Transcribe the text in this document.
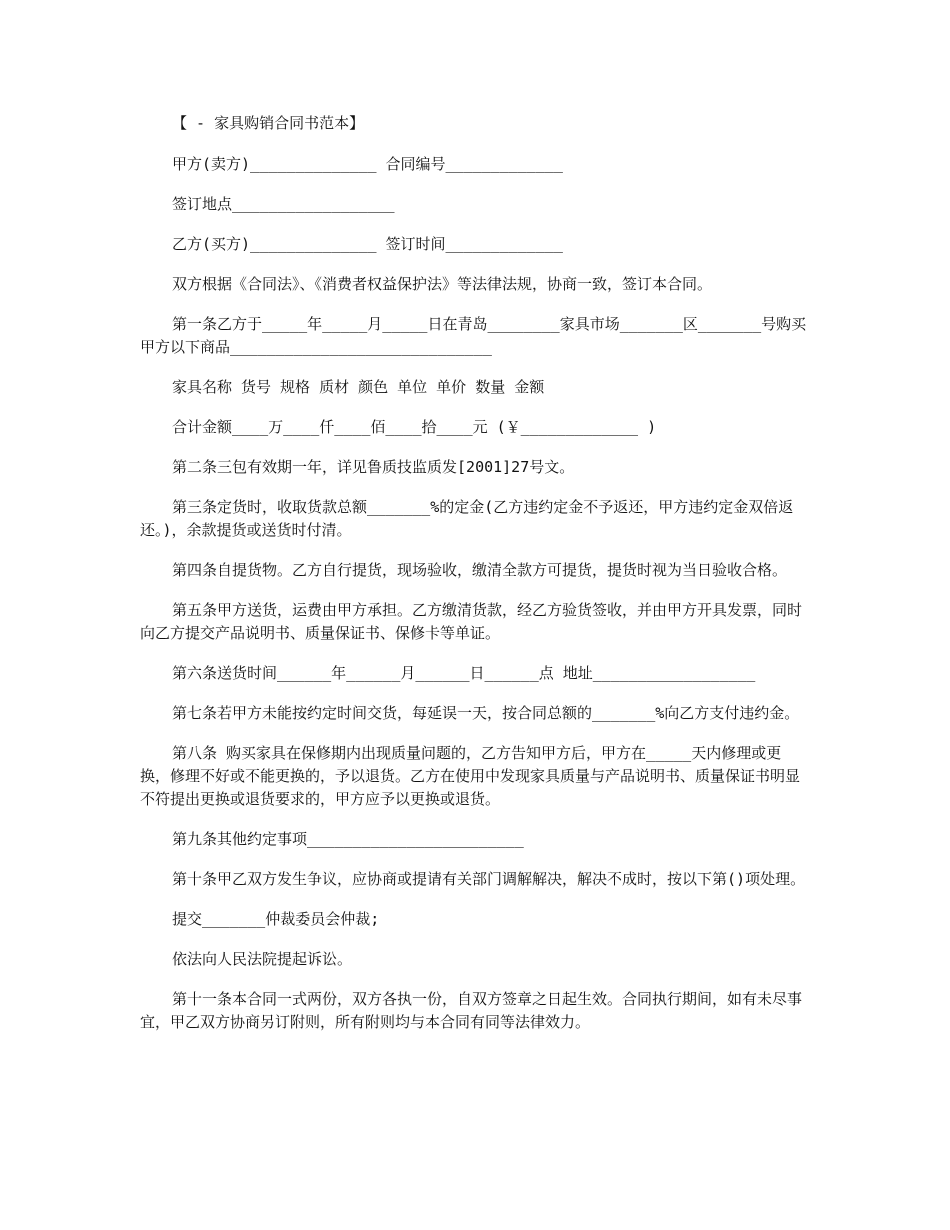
【 - 家具购销合同书范本】

甲方(卖方)______________ 合同编号_____________

签订地点__________________

乙方(买方)______________ 签订时间_____________

双方根据《合同法》、《消费者权益保护法》等法律法规，协商一致，签订本合同。

第一条乙方于_____年_____月_____日在青岛________家具市场_______区_______号购买甲方以下商品_____________________________

家具名称 货号 规格 质材 颜色 单位 单价 数量 金额

合计金额____万____仟____佰____拾____元 (￥_____________ )

第二条三包有效期一年，详见鲁质技监质发[2001]27号文。

第三条定货时，收取货款总额_______%的定金(乙方违约定金不予返还，甲方违约定金双倍返还。)，余款提货或送货时付清。

第四条自提货物。乙方自行提货，现场验收，缴清全款方可提货，提货时视为当日验收合格。

第五条甲方送货，运费由甲方承担。乙方缴清货款，经乙方验货签收，并由甲方开具发票，同时向乙方提交产品说明书、质量保证书、保修卡等单证。

第六条送货时间______年______月______日______点 地址__________________

第七条若甲方未能按约定时间交货，每延误一天，按合同总额的_______%向乙方支付违约金。

第八条 购买家具在保修期内出现质量问题的，乙方告知甲方后，甲方在_____天内修理或更换，修理不好或不能更换的，予以退货。乙方在使用中发现家具质量与产品说明书、质量保证书明显不符提出更换或退货要求的，甲方应予以更换或退货。

第九条其他约定事项________________________

第十条甲乙双方发生争议，应协商或提请有关部门调解解决，解决不成时，按以下第()项处理。

提交_______仲裁委员会仲裁;

依法向人民法院提起诉讼。

第十一条本合同一式两份，双方各执一份，自双方签章之日起生效。合同执行期间，如有未尽事宜，甲乙双方协商另订附则，所有附则均与本合同有同等法律效力。
